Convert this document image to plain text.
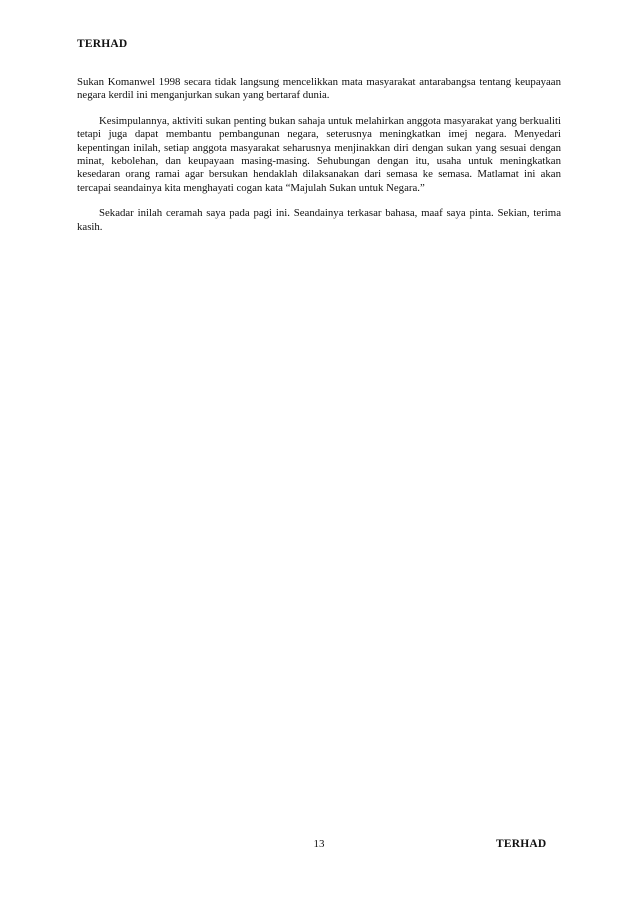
TERHAD

Sukan Komanwel 1998 secara tidak langsung mencelikkan mata masyarakat antarabangsa tentang keupayaan negara kerdil ini menganjurkan sukan yang bertaraf dunia.

Kesimpulannya, aktiviti sukan penting bukan sahaja untuk melahirkan anggota masyarakat yang berkualiti tetapi juga dapat membantu pembangunan negara, seterusnya meningkatkan imej negara. Menyedari kepentingan inilah, setiap anggota masyarakat seharusnya menjinakkan diri dengan sukan yang sesuai dengan minat, kebolehan, dan keupayaan masing-masing. Sehubungan dengan itu, usaha untuk meningkatkan kesedaran orang ramai agar bersukan hendaklah dilaksanakan dari semasa ke semasa. Matlamat ini akan tercapai seandainya kita menghayati cogan kata “Majulah Sukan untuk Negara.”

Sekadar inilah ceramah saya pada pagi ini. Seandainya terkasar bahasa, maaf saya pinta. Sekian, terima kasih.

13	TERHAD
